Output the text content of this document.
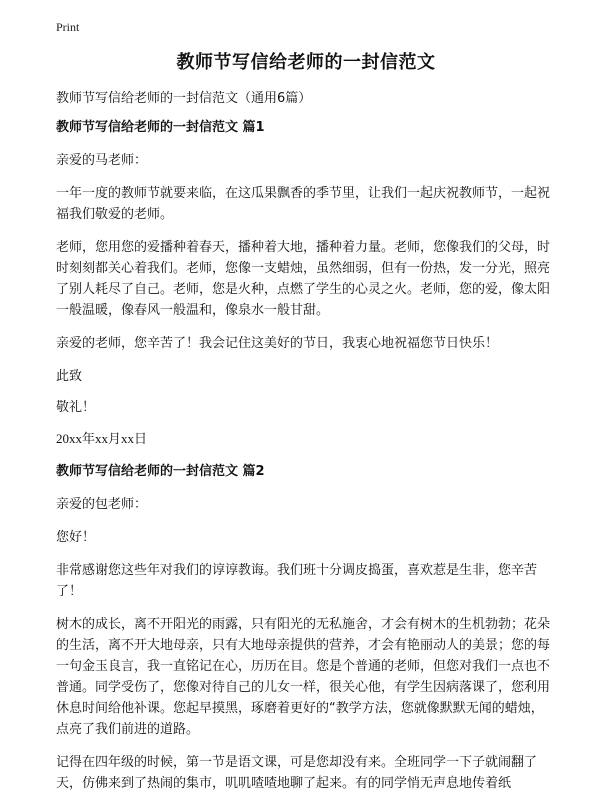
Print
教师节写信给老师的一封信范文

教师节写信给老师的一封信范文（通用6篇）

教师节写信给老师的一封信范文 篇1

亲爱的马老师：

一年一度的教师节就要来临，在这瓜果飘香的季节里，让我们一起庆祝教师节，一起祝福我们敬爱的老师。

老师，您用您的爱播种着春天，播种着大地，播种着力量。老师，您像我们的父母，时时刻刻都关心着我们。老师，您像一支蜡烛，虽然细弱，但有一份热，发一分光，照亮了别人耗尽了自己。老师，您是火种，点燃了学生的心灵之火。老师，您的爱，像太阳一般温暖，像春风一般温和，像泉水一般甘甜。

亲爱的老师，您辛苦了！我会记住这美好的节日，我衷心地祝福您节日快乐！

此致

敬礼！

20xx年xx月xx日

教师节写信给老师的一封信范文 篇2

亲爱的包老师：

您好！

非常感谢您这些年对我们的谆谆教诲。我们班十分调皮捣蛋，喜欢惹是生非，您辛苦了！

树木的成长，离不开阳光的雨露，只有阳光的无私施舍，才会有树木的生机勃勃；花朵的生活，离不开大地母亲，只有大地母亲提供的营养，才会有艳丽动人的美景；您的每一句金玉良言，我一直铭记在心，历历在目。您是个普通的老师，但您对我们一点也不普通。同学受伤了，您像对待自己的儿女一样，很关心他，有学生因病落课了，您利用休息时间给他补课。您起早摸黑，琢磨着更好的“教学方法，您就像默默无闻的蜡烛，点亮了我们前进的道路。

记得在四年级的时候，第一节是语文课，可是您却没有来。全班同学一下子就闹翻了天，仿佛来到了热闹的集市，叽叽喳喳地聊了起来。有的同学悄无声息地传着纸
